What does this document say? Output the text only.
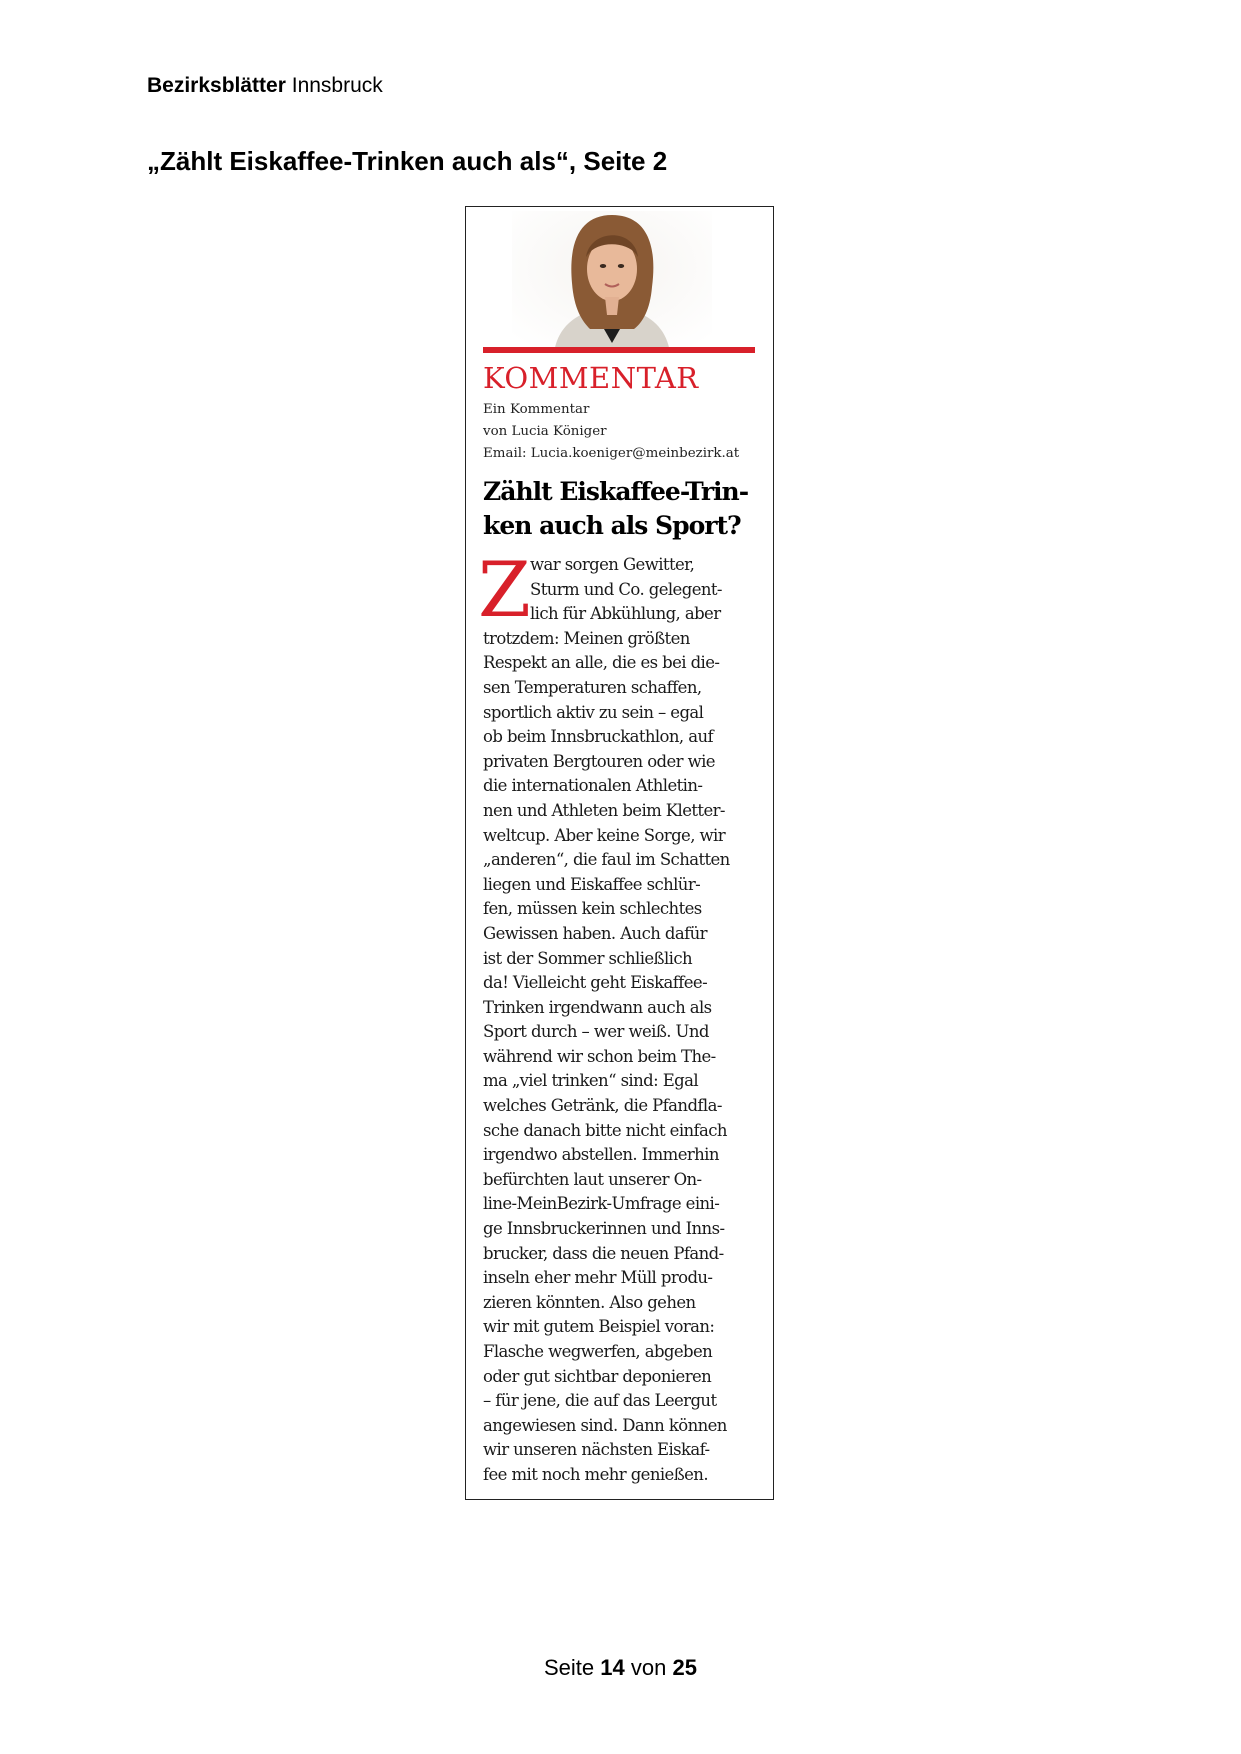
Bezirksblätter Innsbruck
„Zählt Eiskaffee-Trinken auch als“, Seite 2
KOMMENTAR
Ein Kommentar
von Lucia Königer
Email: Lucia.koeniger@meinbezirk.at
Zählt Eiskaffee-Trin-
ken auch als Sport?
Z war sorgen Gewitter,
Sturm und Co. gelegent-
lich für Abkühlung, aber
trotzdem: Meinen größten
Respekt an alle, die es bei die-
sen Temperaturen schaffen,
sportlich aktiv zu sein – egal
ob beim Innsbruckathlon, auf
privaten Bergtouren oder wie
die internationalen Athletin-
nen und Athleten beim Kletter-
weltcup. Aber keine Sorge, wir
„anderen“, die faul im Schatten
liegen und Eiskaffee schlür-
fen, müssen kein schlechtes
Gewissen haben. Auch dafür
ist der Sommer schließlich
da! Vielleicht geht Eiskaffee-
Trinken irgendwann auch als
Sport durch – wer weiß. Und
während wir schon beim The-
ma „viel trinken“ sind: Egal
welches Getränk, die Pfandfla-
sche danach bitte nicht einfach
irgendwo abstellen. Immerhin
befürchten laut unserer On-
line-MeinBezirk-Umfrage eini-
ge Innsbruckerinnen und Inns-
brucker, dass die neuen Pfand-
inseln eher mehr Müll produ-
zieren könnten. Also gehen
wir mit gutem Beispiel voran:
Flasche wegwerfen, abgeben
oder gut sichtbar deponieren
– für jene, die auf das Leergut
angewiesen sind. Dann können
wir unseren nächsten Eiskaf-
fee mit noch mehr genießen.
Seite 14 von 25
